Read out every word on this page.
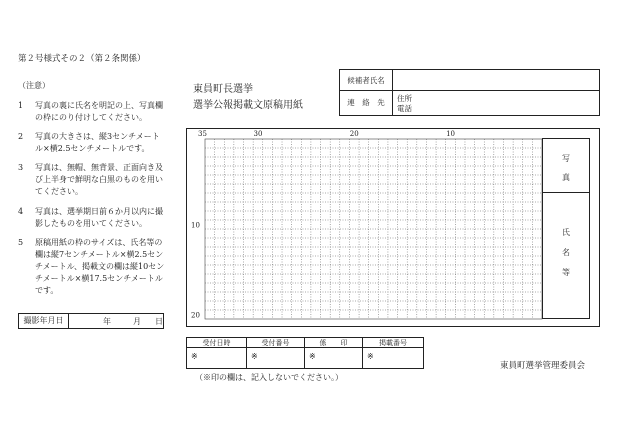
第２号様式その２（第２条関係）
（注意）
1 写真の裏に氏名を明記の上、写真欄の枠にのり付けしてください。
2 写真の大きさは、縦3センチメートル×横2.5センチメートルです。
3 写真は、無帽、無背景、正面向き及び上半身で鮮明な白黒のものを用いてください。
4 写真は、選挙期日前６か月以内に撮影したものを用いてください。
5 原稿用紙の枠のサイズは、氏名等の欄は縦7センチメートル×横2.5センチメートル、掲載文の欄は縦10センチメートル×横17.5センチメートルです。
撮影年月日	年	月 日
東員町長選挙
選挙公報掲載文原稿用紙
候補者氏名
連　絡　先	住所
電話
35	30	20	10
10
20
写
真
氏
名
等
受付日時	受付番号	係　　印	掲載番号
※	※	※	※
（※印の欄は、記入しないでください。）
東員町選挙管理委員会
